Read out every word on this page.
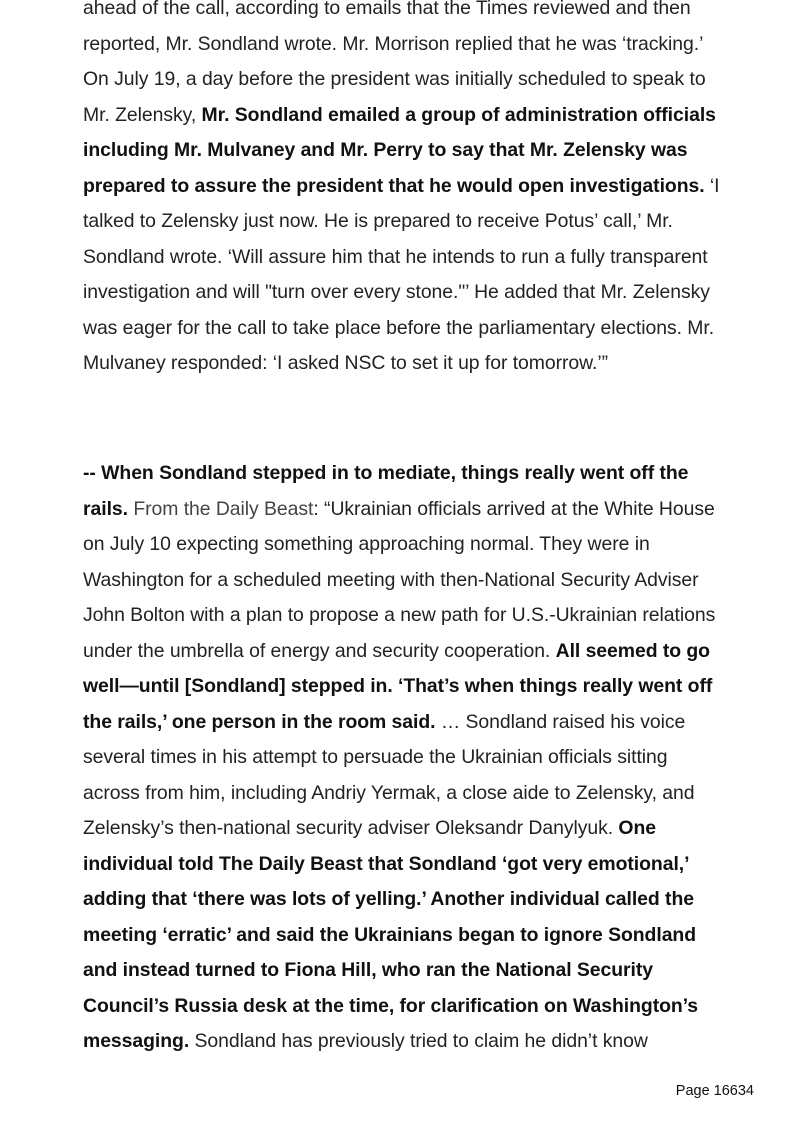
ahead of the call, according to emails that the Times reviewed and then reported, Mr. Sondland wrote. Mr. Morrison replied that he was ‘tracking.’ On July 19, a day before the president was initially scheduled to speak to Mr. Zelensky, Mr. Sondland emailed a group of administration officials including Mr. Mulvaney and Mr. Perry to say that Mr. Zelensky was prepared to assure the president that he would open investigations. ‘I talked to Zelensky just now. He is prepared to receive Potus’ call,’ Mr. Sondland wrote. ‘Will assure him that he intends to run a fully transparent investigation and will "turn over every stone."’ He added that Mr. Zelensky was eager for the call to take place before the parliamentary elections. Mr. Mulvaney responded: ‘I asked NSC to set it up for tomorrow.’”

-- When Sondland stepped in to mediate, things really went off the rails. From the Daily Beast: “Ukrainian officials arrived at the White House on July 10 expecting something approaching normal. They were in Washington for a scheduled meeting with then-National Security Adviser John Bolton with a plan to propose a new path for U.S.-Ukrainian relations under the umbrella of energy and security cooperation. All seemed to go well—until [Sondland] stepped in. ‘That’s when things really went off the rails,’ one person in the room said. … Sondland raised his voice several times in his attempt to persuade the Ukrainian officials sitting across from him, including Andriy Yermak, a close aide to Zelensky, and Zelensky’s then-national security adviser Oleksandr Danylyuk. One individual told The Daily Beast that Sondland ‘got very emotional,’ adding that ‘there was lots of yelling.’ Another individual called the meeting ‘erratic’ and said the Ukrainians began to ignore Sondland and instead turned to Fiona Hill, who ran the National Security Council’s Russia desk at the time, for clarification on Washington’s messaging. Sondland has previously tried to claim he didn’t know

Page 16634
